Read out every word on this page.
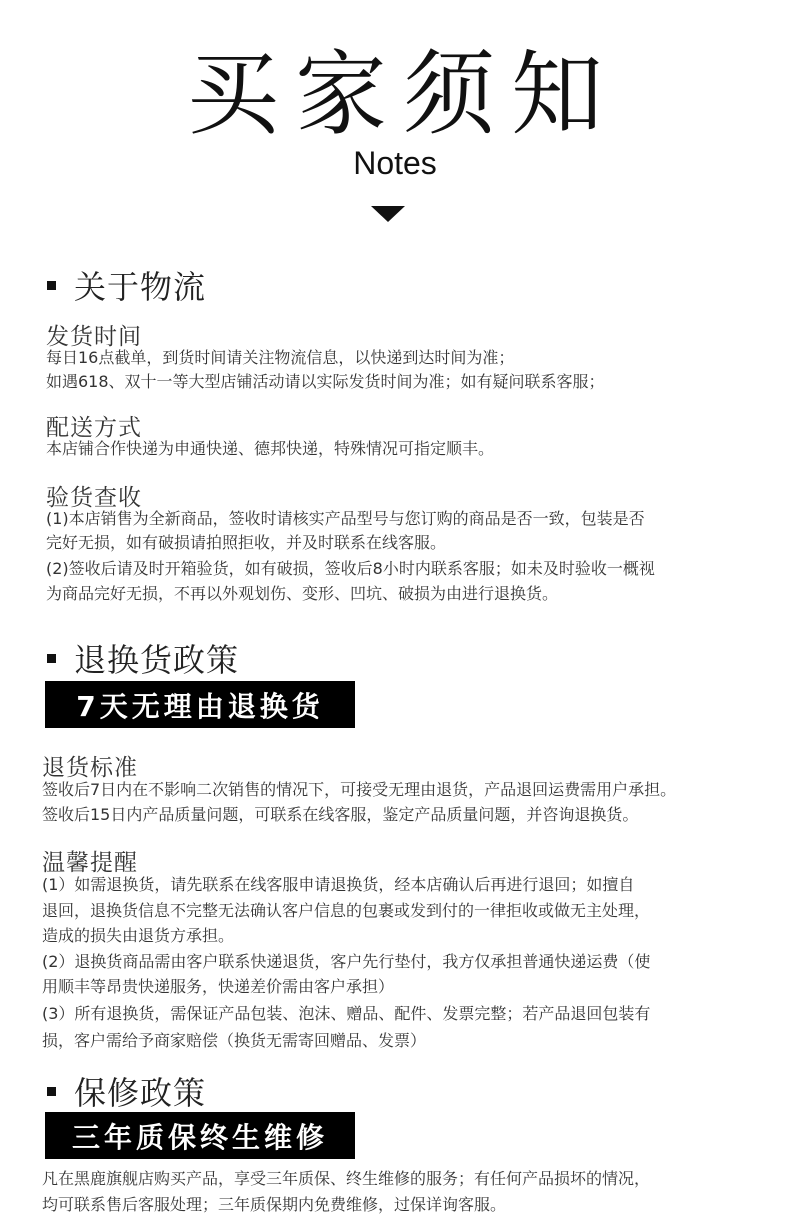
买家须知
Notes
关于物流
发货时间
每日16点截单，到货时间请关注物流信息，以快递到达时间为准；
如遇618、双十一等大型店铺活动请以实际发货时间为准；如有疑问联系客服；
配送方式
本店铺合作快递为申通快递、德邦快递，特殊情况可指定顺丰。
验货查收
(1)本店销售为全新商品，签收时请核实产品型号与您订购的商品是否一致，包装是否
完好无损，如有破损请拍照拒收，并及时联系在线客服。
(2)签收后请及时开箱验货，如有破损，签收后8小时内联系客服；如未及时验收一概视
为商品完好无损，不再以外观划伤、变形、凹坑、破损为由进行退换货。
退换货政策
7天无理由退换货
退货标准
签收后7日内在不影响二次销售的情况下，可接受无理由退货，产品退回运费需用户承担。
签收后15日内产品质量问题，可联系在线客服，鉴定产品质量问题，并咨询退换货。
温馨提醒
(1）如需退换货，请先联系在线客服申请退换货，经本店确认后再进行退回；如擅自
退回，退换货信息不完整无法确认客户信息的包裹或发到付的一律拒收或做无主处理，
造成的损失由退货方承担。
(2）退换货商品需由客户联系快递退货，客户先行垫付，我方仅承担普通快递运费（使
用顺丰等昂贵快递服务，快递差价需由客户承担）
(3）所有退换货，需保证产品包装、泡沫、赠品、配件、发票完整；若产品退回包装有
损，客户需给予商家赔偿（换货无需寄回赠品、发票）
保修政策
三年质保终生维修
凡在黑鹿旗舰店购买产品，享受三年质保、终生维修的服务；有任何产品损坏的情况，
均可联系售后客服处理；三年质保期内免费维修，过保详询客服。
